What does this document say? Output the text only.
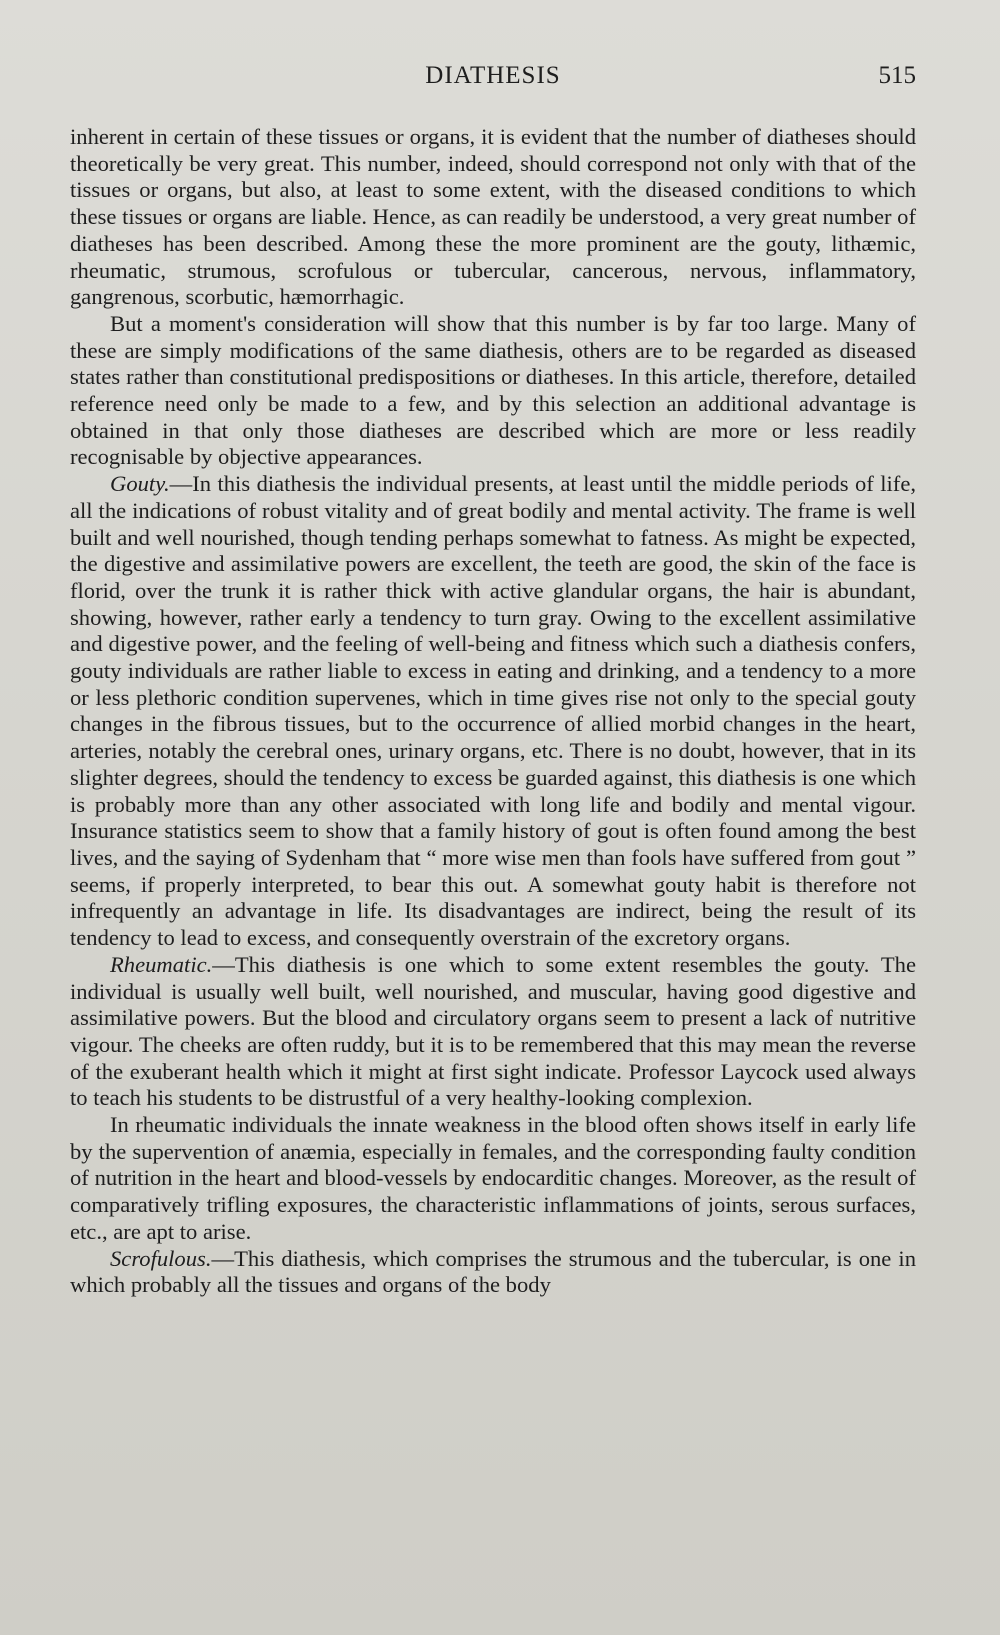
DIATHESIS	515

inherent in certain of these tissues or organs, it is evident that the number of diatheses should theoretically be very great. This number, indeed, should correspond not only with that of the tissues or organs, but also, at least to some extent, with the diseased conditions to which these tissues or organs are liable. Hence, as can readily be understood, a very great number of diatheses has been described. Among these the more prominent are the gouty, lithæmic, rheumatic, strumous, scrofulous or tubercular, cancerous, nervous, inflammatory, gangrenous, scorbutic, hæmorrhagic.

But a moment's consideration will show that this number is by far too large. Many of these are simply modifications of the same diathesis, others are to be regarded as diseased states rather than constitutional predispositions or diatheses. In this article, therefore, detailed reference need only be made to a few, and by this selection an additional advantage is obtained in that only those diatheses are described which are more or less readily recognisable by objective appearances.

Gouty.—In this diathesis the individual presents, at least until the middle periods of life, all the indications of robust vitality and of great bodily and mental activity. The frame is well built and well nourished, though tending perhaps somewhat to fatness. As might be expected, the digestive and assimilative powers are excellent, the teeth are good, the skin of the face is florid, over the trunk it is rather thick with active glandular organs, the hair is abundant, showing, however, rather early a tendency to turn gray. Owing to the excellent assimilative and digestive power, and the feeling of well-being and fitness which such a diathesis confers, gouty individuals are rather liable to excess in eating and drinking, and a tendency to a more or less plethoric condition supervenes, which in time gives rise not only to the special gouty changes in the fibrous tissues, but to the occurrence of allied morbid changes in the heart, arteries, notably the cerebral ones, urinary organs, etc. There is no doubt, however, that in its slighter degrees, should the tendency to excess be guarded against, this diathesis is one which is probably more than any other associated with long life and bodily and mental vigour. Insurance statistics seem to show that a family history of gout is often found among the best lives, and the saying of Sydenham that “ more wise men than fools have suffered from gout ” seems, if properly interpreted, to bear this out. A somewhat gouty habit is therefore not infrequently an advantage in life. Its disadvantages are indirect, being the result of its tendency to lead to excess, and consequently overstrain of the excretory organs.

Rheumatic.—This diathesis is one which to some extent resembles the gouty. The individual is usually well built, well nourished, and muscular, having good digestive and assimilative powers. But the blood and circulatory organs seem to present a lack of nutritive vigour. The cheeks are often ruddy, but it is to be remembered that this may mean the reverse of the exuberant health which it might at first sight indicate. Professor Laycock used always to teach his students to be distrustful of a very healthy-looking complexion.

In rheumatic individuals the innate weakness in the blood often shows itself in early life by the supervention of anæmia, especially in females, and the corresponding faulty condition of nutrition in the heart and blood-vessels by endocarditic changes. Moreover, as the result of comparatively trifling exposures, the characteristic inflammations of joints, serous surfaces, etc., are apt to arise.

Scrofulous.—This diathesis, which comprises the strumous and the tubercular, is one in which probably all the tissues and organs of the body
